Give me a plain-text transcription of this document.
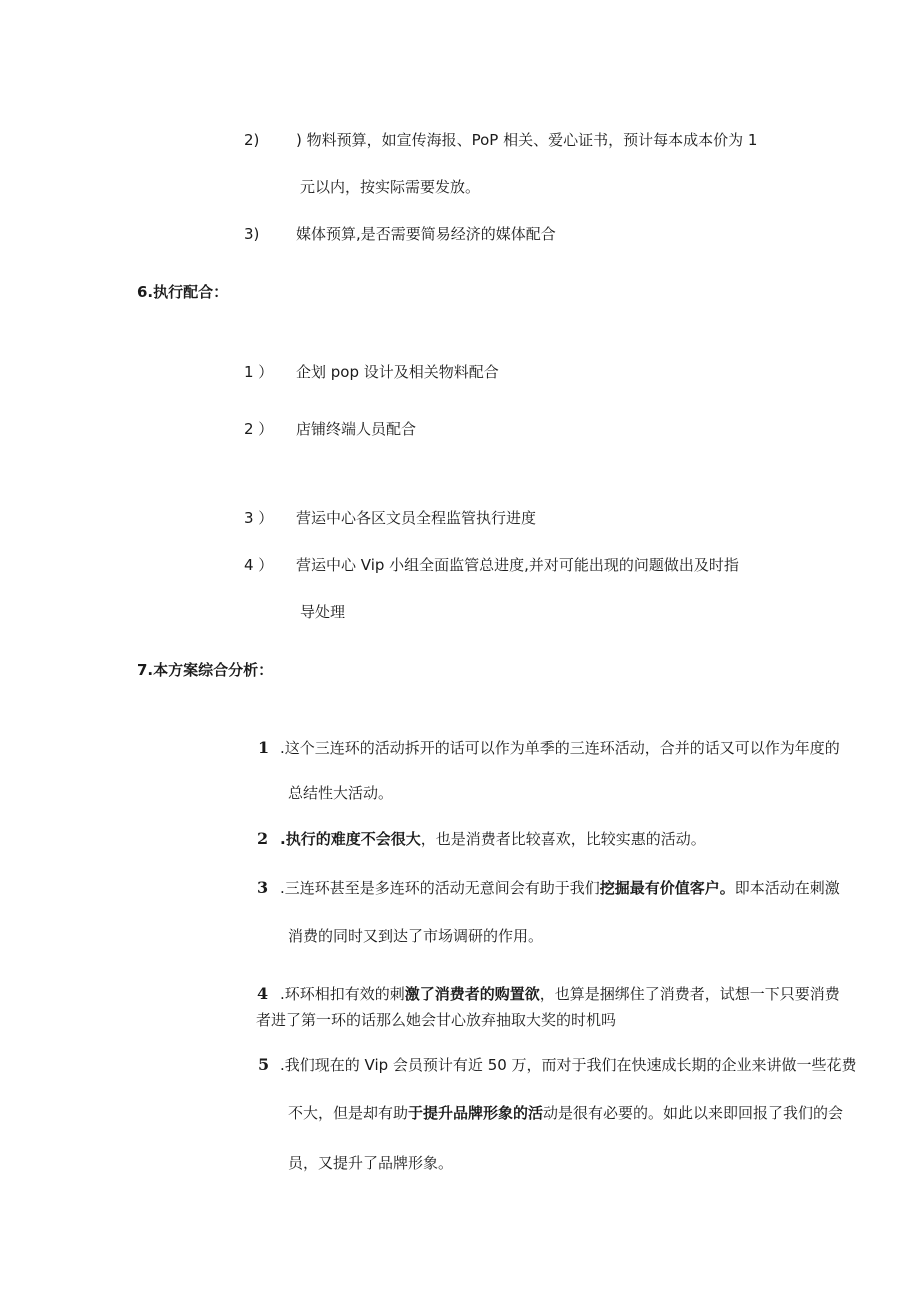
2) ) 物料预算，如宣传海报、PoP 相关、爱心证书，预计每本成本价为 1
元以内，按实际需要发放。
3) 媒体预算,是否需要简易经济的媒体配合
6.执行配合：
1 ） 企划 pop 设计及相关物料配合
2 ） 店铺终端人员配合
3 ） 营运中心各区文员全程监管执行进度
4 ） 营运中心 Vip 小组全面监管总进度,并对可能出现的问题做出及时指
导处理
7.本方案综合分析：
1 .这个三连环的活动拆开的话可以作为单季的三连环活动，合并的话又可以作为年度的
总结性大活动。
2 .执行的难度不会很大，也是消费者比较喜欢，比较实惠的活动。
3 .三连环甚至是多连环的活动无意间会有助于我们挖掘最有价值客户。即本活动在刺激
消费的同时又到达了市场调研的作用。
4 .环环相扣有效的刺激了消费者的购置欲，也算是捆绑住了消费者，试想一下只要消费
者进了第一环的话那么她会甘心放弃抽取大奖的时机吗
5 .我们现在的 Vip 会员预计有近 50 万，而对于我们在快速成长期的企业来讲做一些花费
不大，但是却有助于提升品牌形象的活动是很有必要的。如此以来即回报了我们的会
员，又提升了品牌形象。
